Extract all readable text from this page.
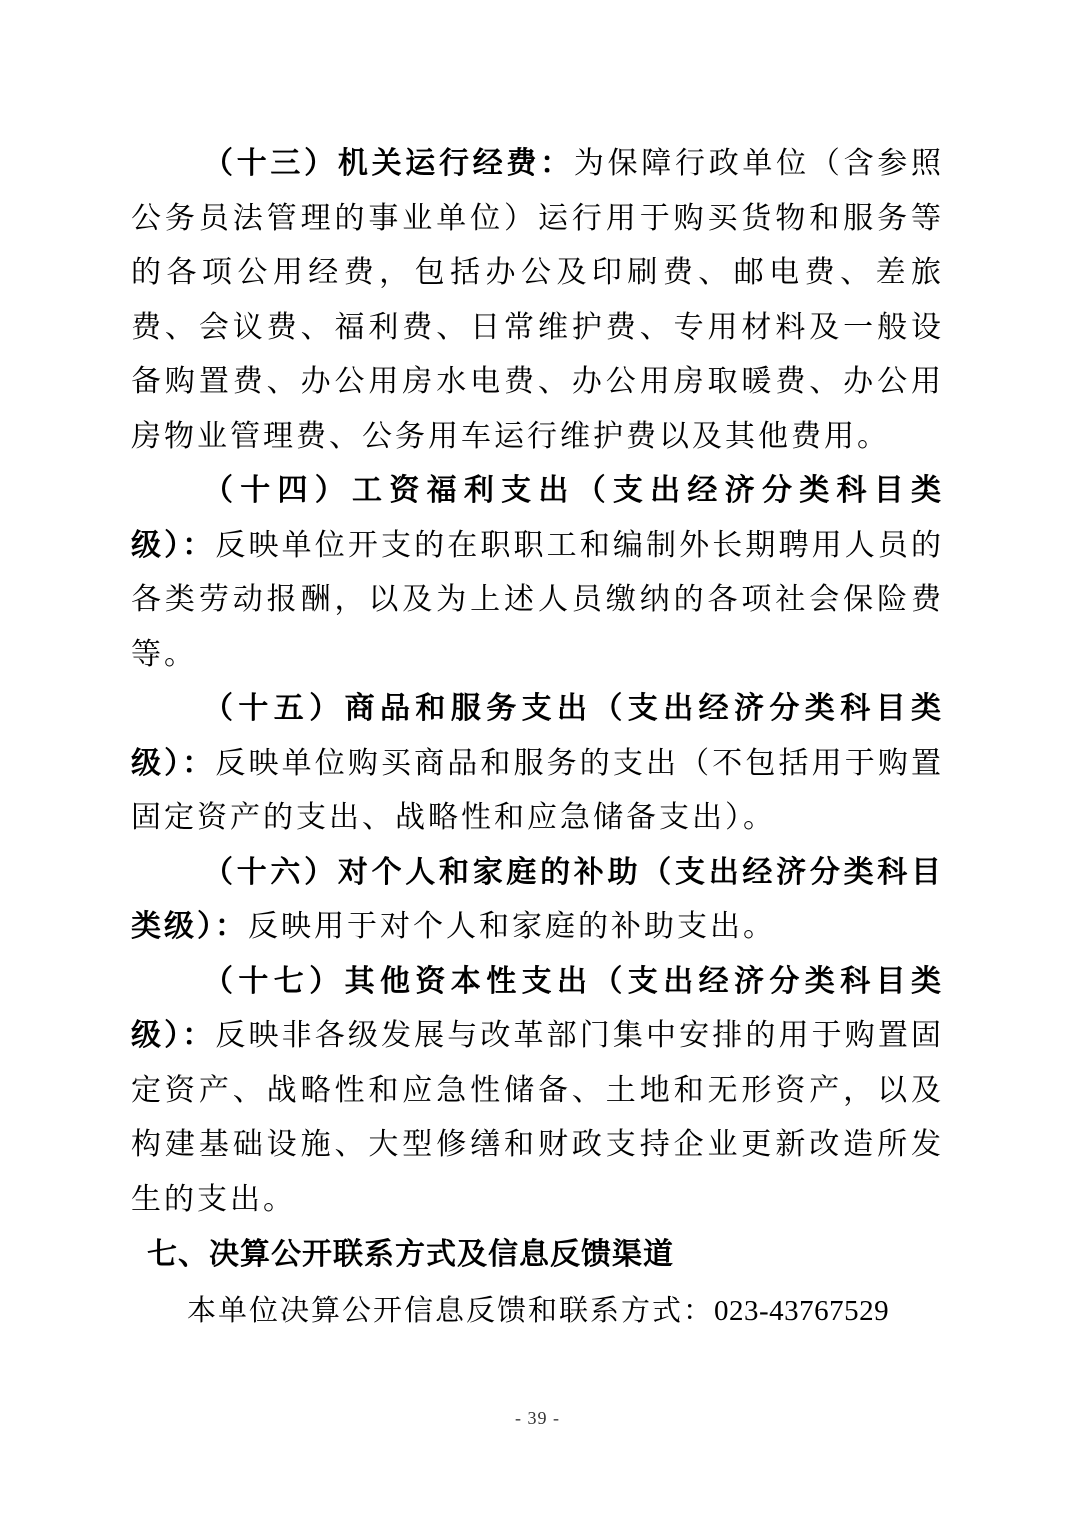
（十三）机关运行经费：为保障行政单位（含参照公务员法管理的事业单位）运行用于购买货物和服务等的各项公用经费，包括办公及印刷费、邮电费、差旅费、会议费、福利费、日常维护费、专用材料及一般设备购置费、办公用房水电费、办公用房取暖费、办公用房物业管理费、公务用车运行维护费以及其他费用。

（十四）工资福利支出（支出经济分类科目类级）：反映单位开支的在职职工和编制外长期聘用人员的各类劳动报酬，以及为上述人员缴纳的各项社会保险费等。

（十五）商品和服务支出（支出经济分类科目类级）：反映单位购买商品和服务的支出（不包括用于购置固定资产的支出、战略性和应急储备支出）。

（十六）对个人和家庭的补助（支出经济分类科目类级）：反映用于对个人和家庭的补助支出。

（十七）其他资本性支出（支出经济分类科目类级）：反映非各级发展与改革部门集中安排的用于购置固定资产、战略性和应急性储备、土地和无形资产，以及构建基础设施、大型修缮和财政支持企业更新改造所发生的支出。

七、决算公开联系方式及信息反馈渠道

本单位决算公开信息反馈和联系方式：023-43767529

- 39 -
